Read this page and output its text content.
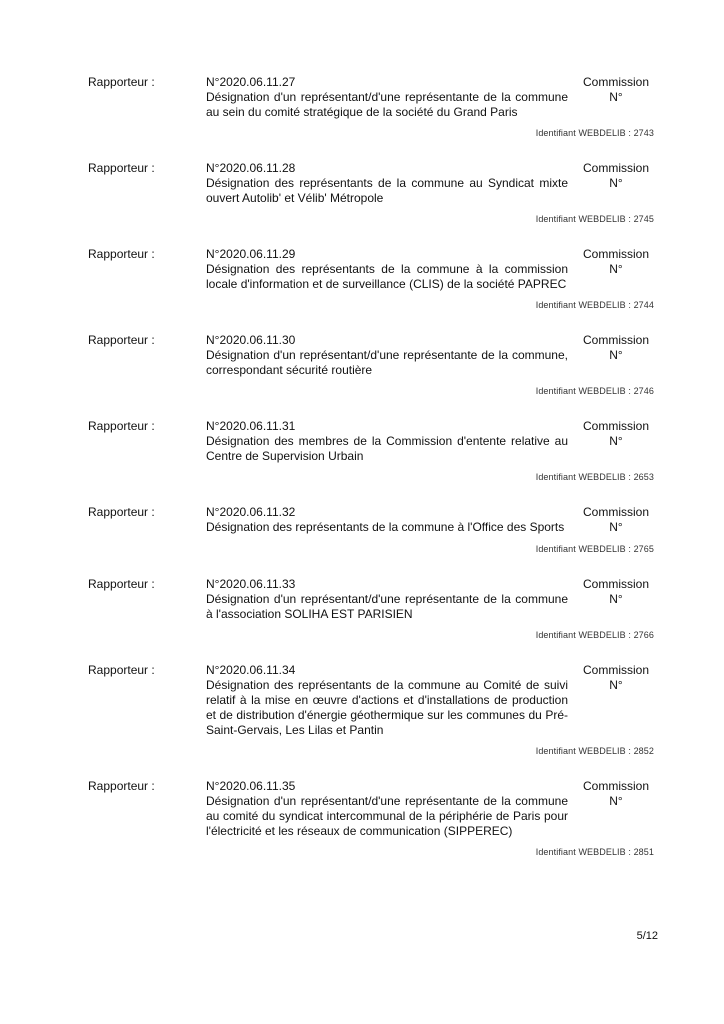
Rapporteur :	N°2020.06.11.27
Désignation d'un représentant/d'une représentante de la commune au sein du comité stratégique de la société du Grand Paris
Commission
N°
Identifiant WEBDELIB : 2743
Rapporteur :	N°2020.06.11.28
Désignation des représentants de la commune au Syndicat mixte ouvert Autolib' et Vélib' Métropole
Commission
N°
Identifiant WEBDELIB : 2745
Rapporteur :	N°2020.06.11.29
Désignation des représentants de la commune à la commission locale d'information et de surveillance (CLIS) de la société PAPREC
Commission
N°
Identifiant WEBDELIB : 2744
Rapporteur :	N°2020.06.11.30
Désignation d'un représentant/d'une représentante de la commune, correspondant sécurité routière
Commission
N°
Identifiant WEBDELIB : 2746
Rapporteur :	N°2020.06.11.31
Désignation des membres de la Commission d'entente relative au Centre de Supervision Urbain
Commission
N°
Identifiant WEBDELIB : 2653
Rapporteur :	N°2020.06.11.32
Désignation des représentants de la commune à l'Office des Sports
Commission
N°
Identifiant WEBDELIB : 2765
Rapporteur :	N°2020.06.11.33
Désignation d'un représentant/d'une représentante de la commune à l'association SOLIHA EST PARISIEN
Commission
N°
Identifiant WEBDELIB : 2766
Rapporteur :	N°2020.06.11.34
Désignation des représentants de la commune au Comité de suivi relatif à la mise en œuvre d'actions et d'installations de production et de distribution d'énergie géothermique sur les communes du Pré-Saint-Gervais, Les Lilas et Pantin
Commission
N°
Identifiant WEBDELIB : 2852
Rapporteur :	N°2020.06.11.35
Désignation d'un représentant/d'une représentante de la commune au comité du syndicat intercommunal de la périphérie de Paris pour l'électricité et les réseaux de communication (SIPPEREC)
Commission
N°
Identifiant WEBDELIB : 2851
5/12
